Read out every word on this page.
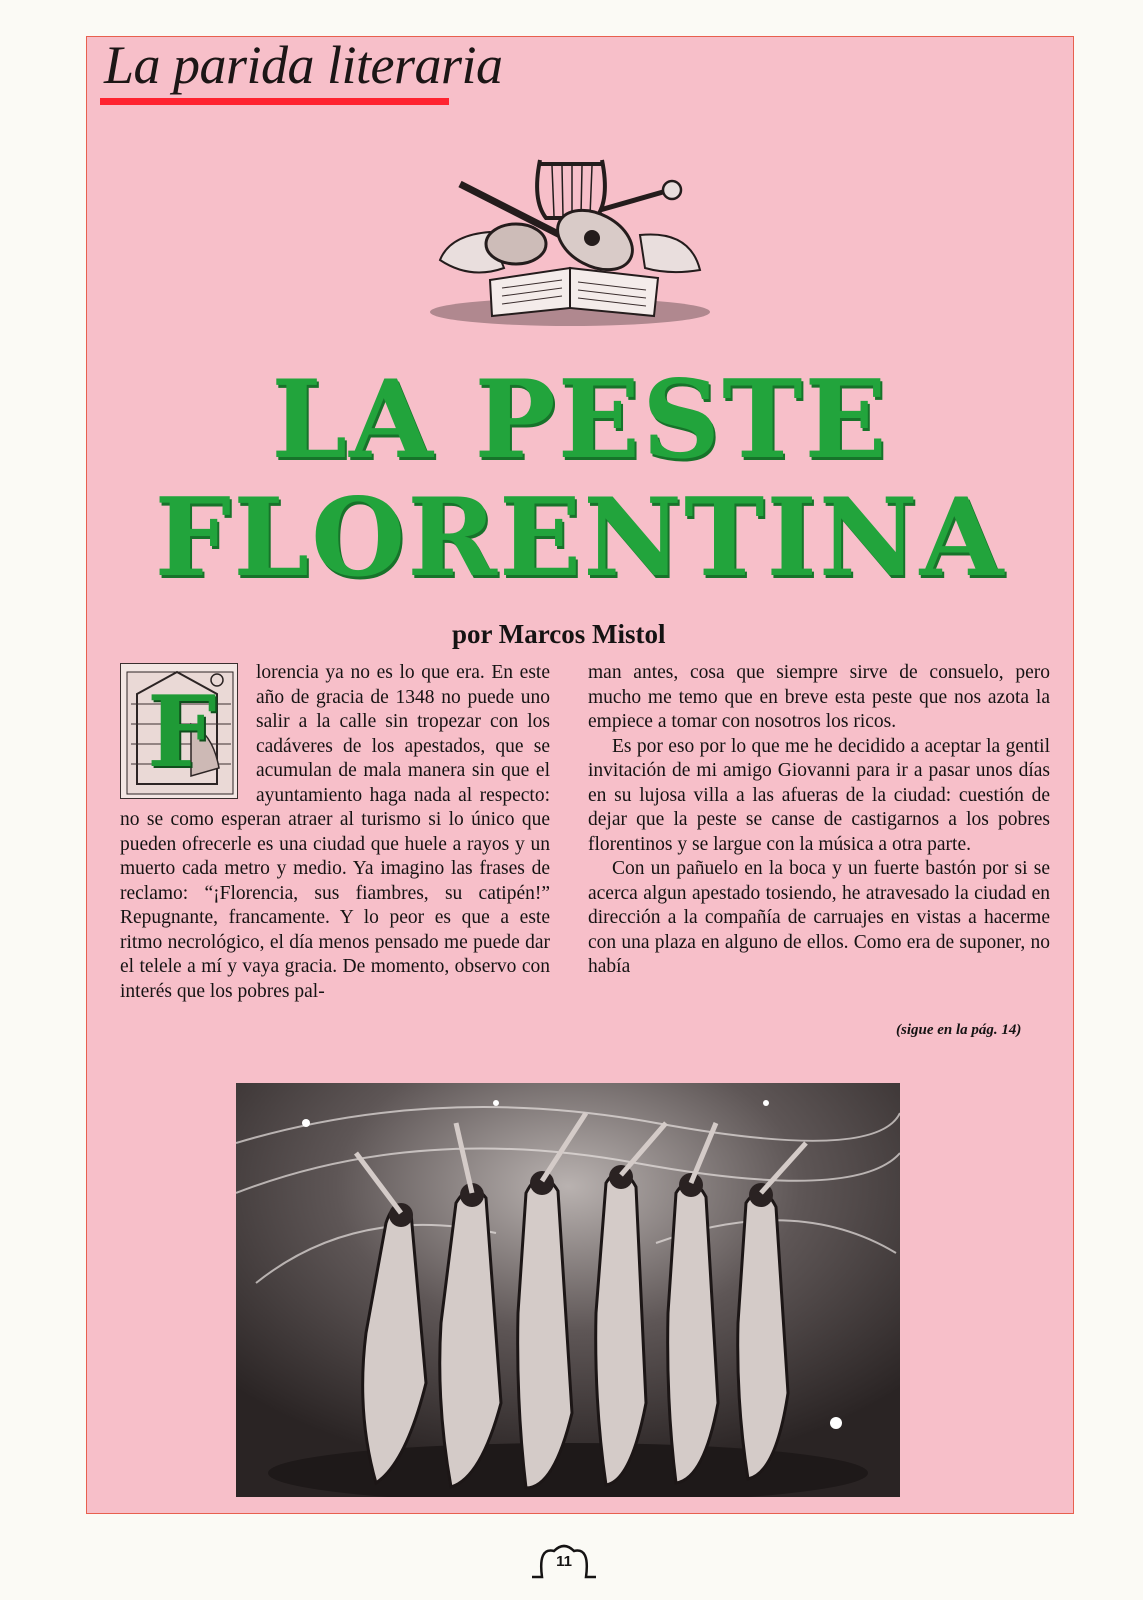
La parida literaria
LA PESTE
FLORENTINA
por Marcos Mistol
F

lorencia ya no es lo que era. En este año de gracia de 1348 no puede uno salir a la calle sin tropezar con los cadáveres de los apestados, que se acumulan de mala manera sin que el ayuntamiento haga nada al respecto: no se como esperan atraer al turismo si lo único que pueden ofrecerle es una ciudad que huele a rayos y un muerto cada metro y medio. Ya imagino las frases de reclamo: “¡Florencia, sus fiambres, su catipén!” Repugnante, francamente. Y lo peor es que a este ritmo necrológico, el día menos pensado me puede dar el telele a mí y vaya gracia. De momento, observo con interés que los pobres pal-

man antes, cosa que siempre sirve de consuelo, pero mucho me temo que en breve esta peste que nos azota la empiece a tomar con nosotros los ricos.

Es por eso por lo que me he decidido a aceptar la gentil invitación de mi amigo Giovanni para ir a pasar unos días en su lujosa villa a las afueras de la ciudad: cuestión de dejar que la peste se canse de castigarnos a los pobres florentinos y se largue con la música a otra parte.

Con un pañuelo en la boca y un fuerte bastón por si se acerca algun apestado tosiendo, he atravesado la ciudad en dirección a la compañía de carruajes en vistas a hacerme con una plaza en alguno de ellos. Como era de suponer, no había

(sigue en la pág. 14)
11
